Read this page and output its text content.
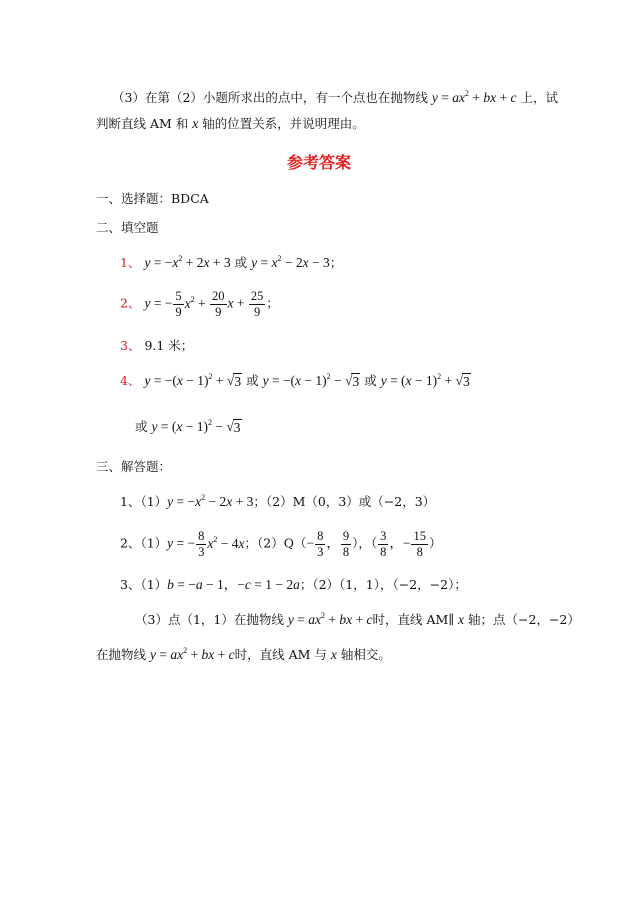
（3）在第（2）小题所求出的点中，有一个点也在抛物线 $y = ax^2$ + bx + c 上，试
判断直线 AM 和 x 轴的位置关系，并说明理由。
参考答案
一、选择题：BDCA
二、填空题
1、 $y = -x^2 + 2x + 3$ 或 $y = x^2 - 2x - 3$；
2、 y = − $\frac{5}{9} x^2 + \frac{20}{9}$ $x + \frac{25}{9}$ ；
3、 9.1 米；
4、 $y = -(x - 1)^2$ + √ 3 或 $y = -(x - 1)^2$ − √ 3 或 $y = (x - 1)^2$ + √ 3
或 $y = (x - 1)^2$ − √ 3
三、解答题：
1、$(1)y = -x^2 - 2x + 3$；（2）M（0，3）或（−2，3）
2、（1）y = − $\frac{8}{3} x^2 - 4x$；$(2)Q(- \frac{8}{3}$ ， $\frac{9}{8}$ ），（ $\frac{3}{8}$ ，− $\frac{15}{8}$ ）
3、（1）b = −a − 1，−c = 1 − 2a；（2）（1，1），（−2，−2）；
（3）点（1，1）在抛物线 $y = ax^2$ + bx + c时，直线 AM∥ x 轴；点（−2，−2）
在抛物线 $y = ax^2$ + bx + c时，直线 AM 与 x 轴相交。
